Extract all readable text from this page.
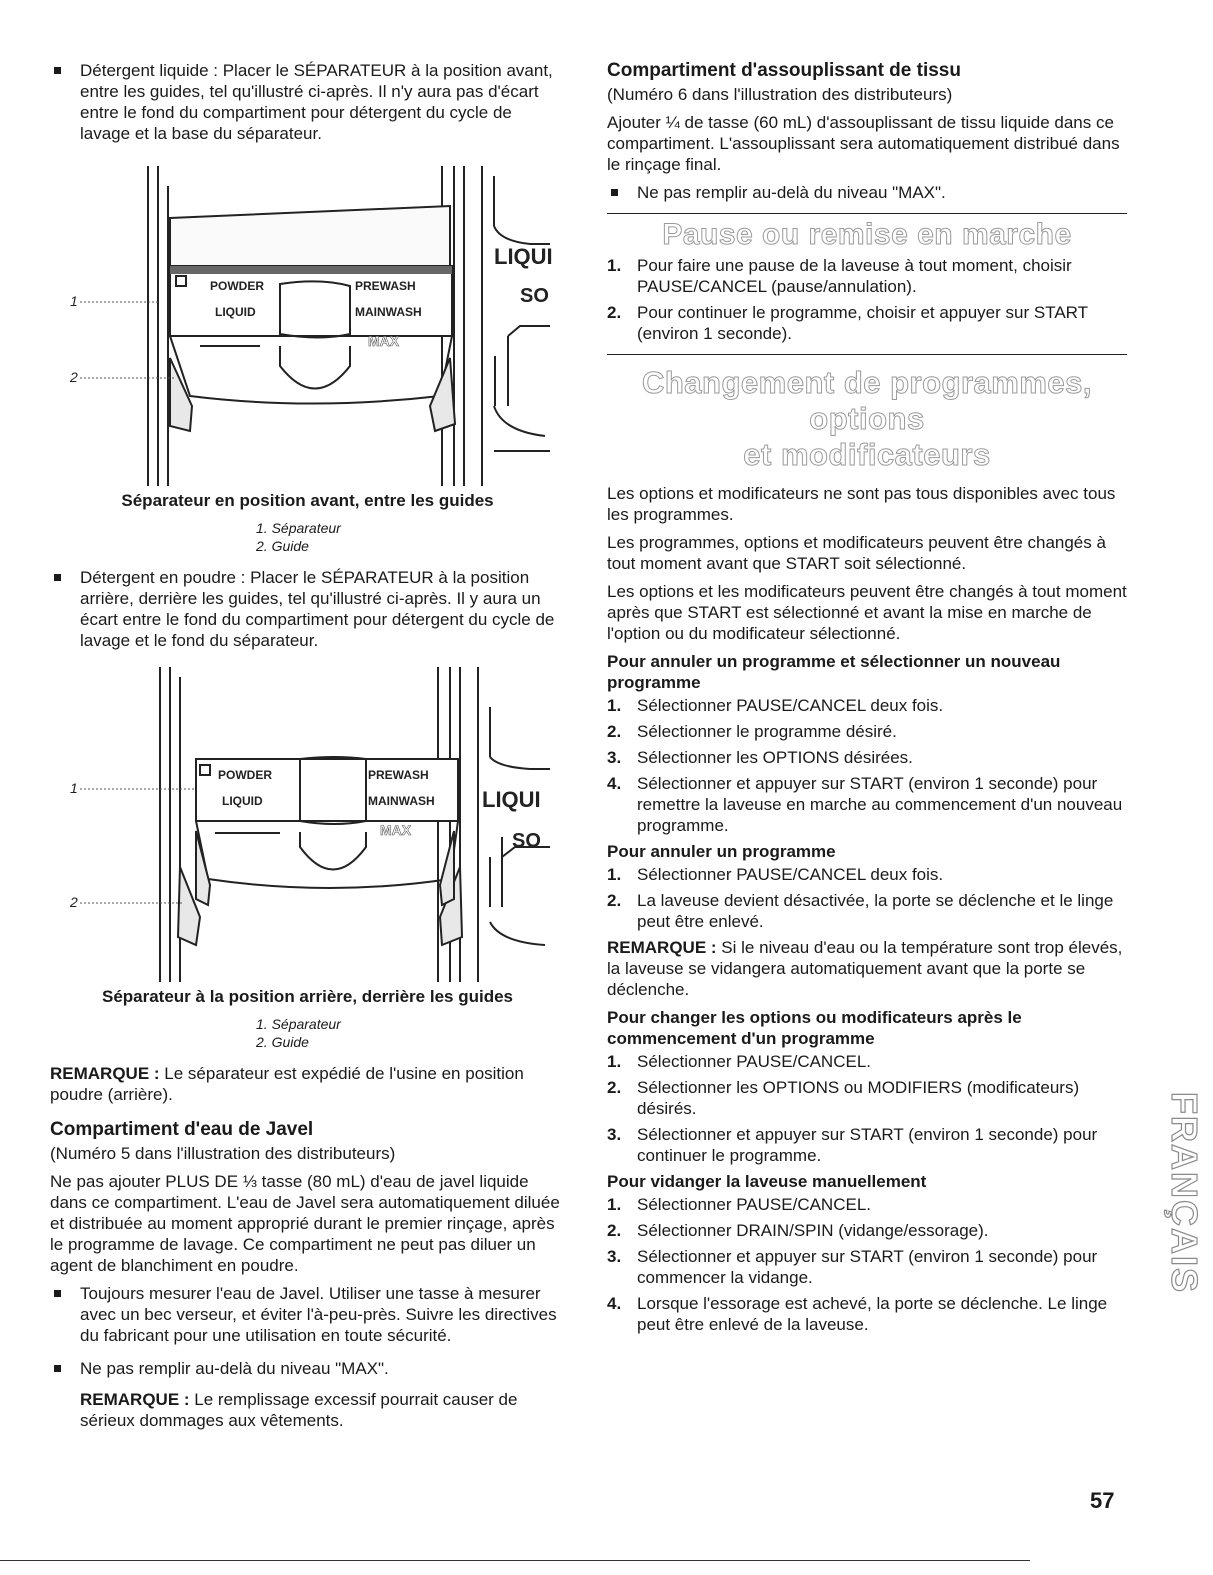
Détergent liquide : Placer le SÉPARATEUR à la position avant, entre les guides, tel qu'illustré ci-après. Il n'y aura pas d'écart entre le fond du compartiment pour détergent du cycle de lavage et la base du séparateur.
POWDER
LIQUID
PREWASH
MAINWASH
MAX
LIQUI
SO
1
2
Séparateur en position avant, entre les guides
1. Séparateur
2. Guide
Détergent en poudre : Placer le SÉPARATEUR à la position arrière, derrière les guides, tel qu'illustré ci-après. Il y aura un écart entre le fond du compartiment pour détergent du cycle de lavage et le fond du séparateur.
POWDER
LIQUID
PREWASH
MAINWASH
MAX
LIQUI
SO
1
2
Séparateur à la position arrière, derrière les guides
1. Séparateur
2. Guide

REMARQUE : Le séparateur est expédié de l'usine en position poudre (arrière).

Compartiment d'eau de Javel

(Numéro 5 dans l'illustration des distributeurs)

Ne pas ajouter PLUS DE ⅓ tasse (80 mL) d'eau de javel liquide dans ce compartiment. L'eau de Javel sera automatiquement diluée et distribuée au moment approprié durant le premier rinçage, après le programme de lavage. Ce compartiment ne peut pas diluer un agent de blanchiment en poudre.

Toujours mesurer l'eau de Javel. Utiliser une tasse à mesurer avec un bec verseur, et éviter l'à-peu-près. Suivre les directives du fabricant pour une utilisation en toute sécurité.
Ne pas remplir au-delà du niveau "MAX".

REMARQUE : Le remplissage excessif pourrait causer de sérieux dommages aux vêtements.

Compartiment d'assouplissant de tissu

(Numéro 6 dans l'illustration des distributeurs)

Ajouter ¼ de tasse (60 mL) d'assouplissant de tissu liquide dans ce compartiment. L'assouplissant sera automatiquement distribué dans le rinçage final.

Ne pas remplir au-delà du niveau "MAX".
Pause ou remise en marche
1. Pour faire une pause de la laveuse à tout moment, choisir PAUSE/CANCEL (pause/annulation).
2. Pour continuer le programme, choisir et appuyer sur START (environ 1 seconde).
Changement de programmes, options
et modificateurs

Les options et modificateurs ne sont pas tous disponibles avec tous les programmes.

Les programmes, options et modificateurs peuvent être changés à tout moment avant que START soit sélectionné.

Les options et les modificateurs peuvent être changés à tout moment après que START est sélectionné et avant la mise en marche de l'option ou du modificateur sélectionné.

Pour annuler un programme et sélectionner un nouveau programme
1. Sélectionner PAUSE/CANCEL deux fois.
2. Sélectionner le programme désiré.
3. Sélectionner les OPTIONS désirées.
4. Sélectionner et appuyer sur START (environ 1 seconde) pour remettre la laveuse en marche au commencement d'un nouveau programme.
Pour annuler un programme
1. Sélectionner PAUSE/CANCEL deux fois.
2. La laveuse devient désactivée, la porte se déclenche et le linge peut être enlevé.

REMARQUE : Si le niveau d'eau ou la température sont trop élevés, la laveuse se vidangera automatiquement avant que la porte se déclenche.

Pour changer les options ou modificateurs après le commencement d'un programme
1. Sélectionner PAUSE/CANCEL.
2. Sélectionner les OPTIONS ou MODIFIERS (modificateurs) désirés.
3. Sélectionner et appuyer sur START (environ 1 seconde) pour continuer le programme.
Pour vidanger la laveuse manuellement
1. Sélectionner PAUSE/CANCEL.
2. Sélectionner DRAIN/SPIN (vidange/essorage).
3. Sélectionner et appuyer sur START (environ 1 seconde) pour commencer la vidange.
4. Lorsque l'essorage est achevé, la porte se déclenche. Le linge peut être enlevé de la laveuse.
FRANÇAIS
57
